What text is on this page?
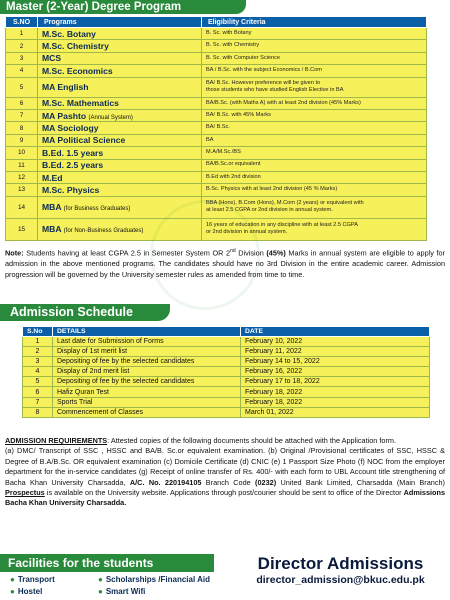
Master (2-Year) Degree Program
S.NO	Programs	Eligibility Criteria
1	M.Sc. Botany	B. Sc. with Botany

2	M.Sc. Chemistry	B. Sc. with Chemistry

3	MCS	B. Sc. with Computer Science

4	M.Sc. Economics	BA / B.Sc. with the subject Economics / B.Com

5	MA English	BA/ B.Sc. However preference will be given to
those students who have studied English Elective in BA

6	M.Sc. Mathematics	BA/B.Sc. (with Maths A) with at least 2nd division (45% Marks)

7	MA Pashto (Annual System)	BA/ B.Sc. with 45% Marks

8	MA Sociology	BA/ B.Sc.

9	MA Political Science	BA

10	B.Ed. 1.5 years	M.A/M.Sc./BS

11	B.Ed. 2.5 years	BA/B.Sc.or equivalent

12	M.Ed	B.Ed with 2nd division

13	M.Sc. Physics	B.Sc. Physics with at least 2nd division (45 % Marks)

14	MBA (for Business Graduates)	BBA (Hons), B.Com (Hons), M.Com (2 years) or equivalent with
at least 2.5 CGPA or 2nd division in annual system.

15	MBA (for Non-Business Graduates)	16 years of education in any discipline with at least 2.5 CGPA
or 2nd division in annual system.

Note: Students having at least CGPA 2.5 in Semester System OR 2nd Division (45%) Marks in annual system are eligible to apply for admission in the above mentioned programs. The candidates should have no 3rd Division in the entire academic career. Admission progression will be governed by the University semester rules as amended from time to time.

Admission Schedule
S.No	DETAILS	DATE
1	Last date for Submission of Forms	February 10, 2022
2	Display of 1st merit list	February 11, 2022
3	Depositing of fee by the selected candidates	February 14 to 15, 2022
4	Display of 2nd merit list	February 16, 2022
5	Depositing of fee by the selected candidates	February 17 to 18, 2022
6	Hafiz Quran Test	February 18, 2022
7	Sports Trial	February 18, 2022
8	Commencement of Classes	March 01, 2022

ADMISSION REQUIREMENTS: Attested copies of the following documents should be attached with the Application form.
(a) DMC/ Transcript of SSC , HSSC and BA/B. Sc.or equivalent examination. (b) Original /Provisional certificates of SSC, HSSC & Degree of B.A/B.Sc. OR equivalent examination (c) Domicile Certificate (d) CNIC (e) 1 Passport Size Photo (f) NOC from the employer department for the in-service candidates (g) Receipt of online transfer of Rs. 400/- with each form to UBL Account title strengthening of Bacha Khan University Charsadda, A/C. No. 220194105 Branch Code (0232) United Bank Limited, Charsadda (Main Branch) Prospectus is available on the University website. Applications through post/courier should be sent to office of the Director Admissions Bacha Khan University Charsadda.

Facilities for the students
● Transport	● Scholarships /Financial Aid
● Hostel	● Smart Wifi
Director Admissions
director_admission@bkuc.edu.pk
